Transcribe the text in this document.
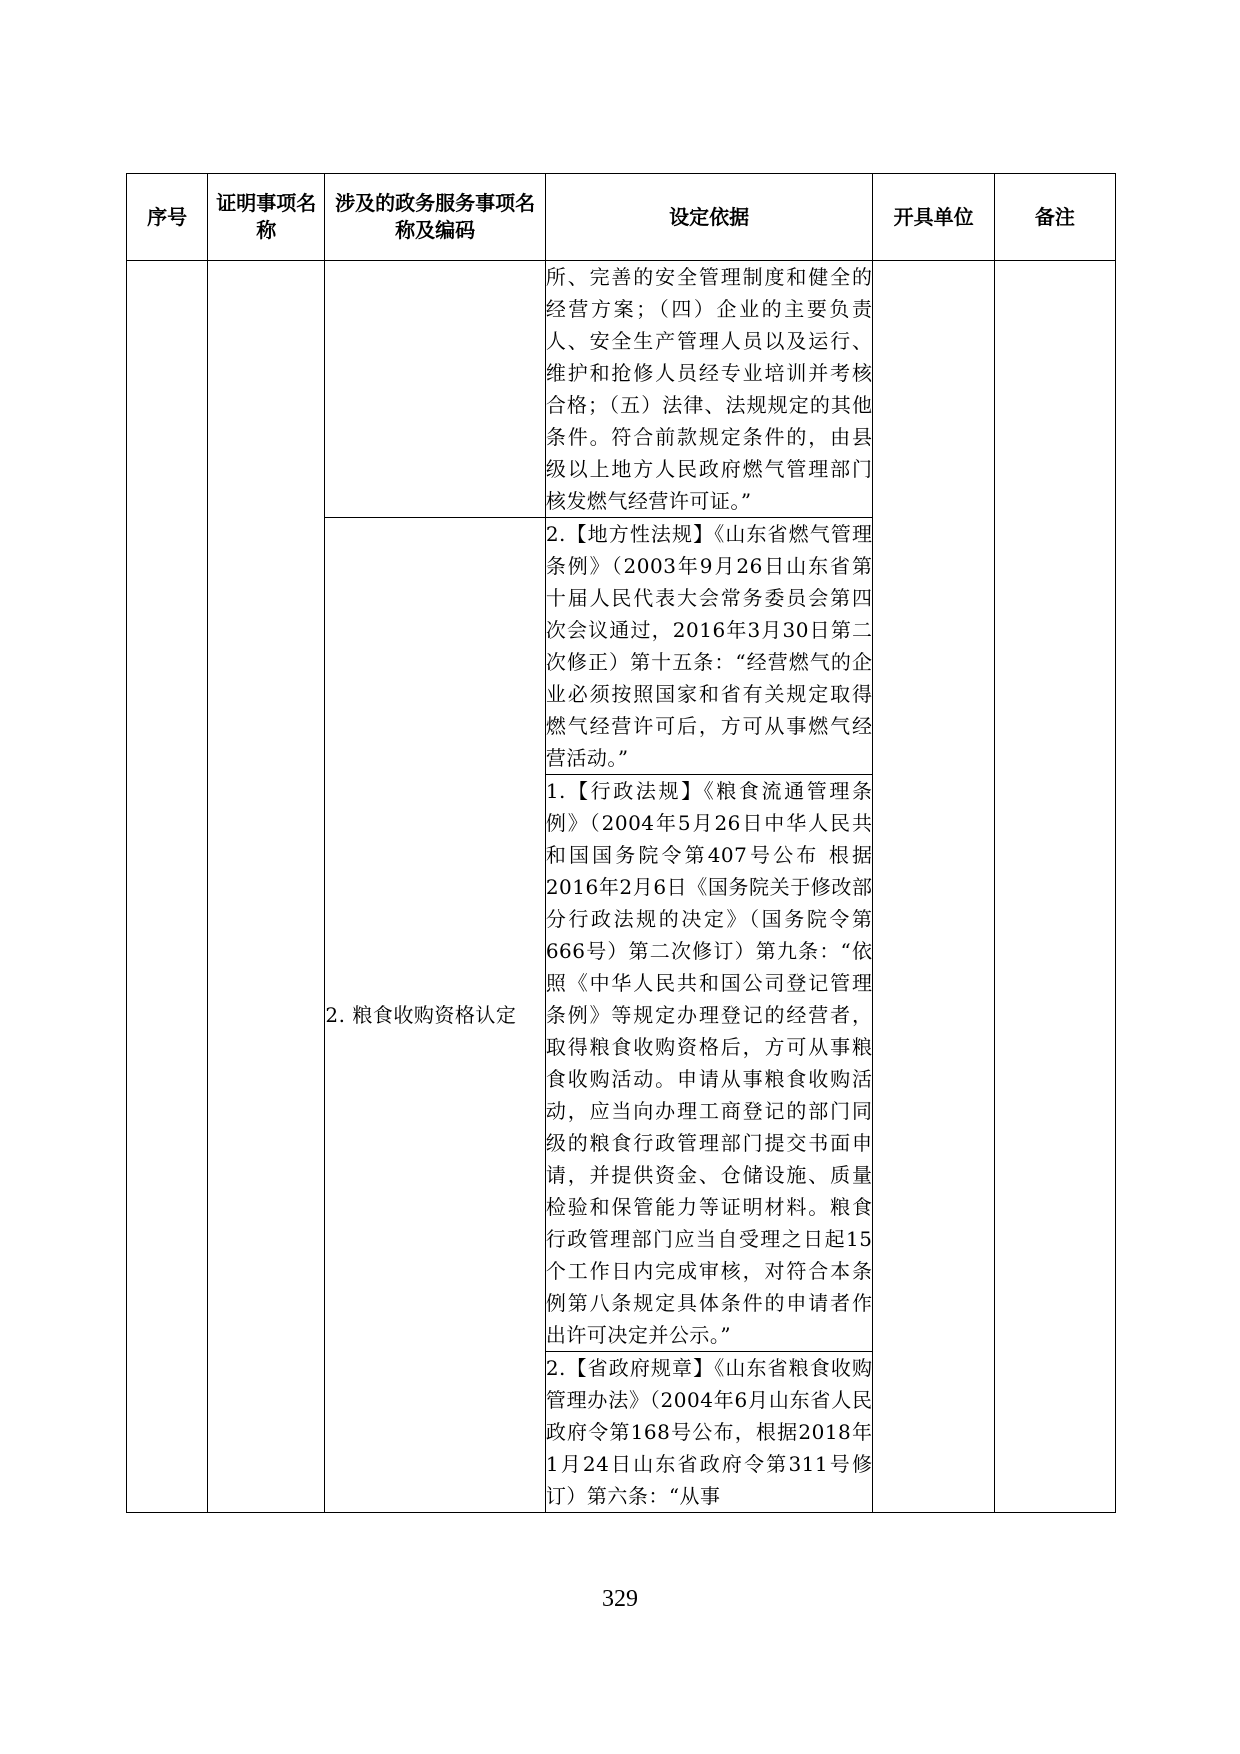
序号	证明事项名称	涉及的政务服务事项名称及编码	设定依据	开具单位	备注
			所、完善的安全管理制度和健全的经营方案；（四）企业的主要负责人、安全生产管理人员以及运行、维护和抢修人员经专业培训并考核合格；（五）法律、法规规定的其他条件。符合前款规定条件的，由县级以上地方人民政府燃气管理部门核发燃气经营许可证。”		
		2. 粮食收购资格认定	2.【地方性法规】《山东省燃气管理条例》（2003年9月26日山东省第十届人民代表大会常务委员会第四次会议通过，2016年3月30日第二次修正）第十五条：“经营燃气的企业必须按照国家和省有关规定取得燃气经营许可后，方可从事燃气经营活动。”		
			1.【行政法规】《粮食流通管理条例》（2004年5月26日中华人民共和国国务院令第407号公布 根据2016年2月6日《国务院关于修改部分行政法规的决定》（国务院令第666号）第二次修订）第九条：“依照《中华人民共和国公司登记管理条例》等规定办理登记的经营者，取得粮食收购资格后，方可从事粮食收购活动。申请从事粮食收购活动，应当向办理工商登记的部门同级的粮食行政管理部门提交书面申请，并提供资金、仓储设施、质量检验和保管能力等证明材料。粮食行政管理部门应当自受理之日起15个工作日内完成审核，对符合本条例第八条规定具体条件的申请者作出许可决定并公示。”		
			2.【省政府规章】《山东省粮食收购管理办法》（2004年6月山东省人民政府令第168号公布，根据2018年1月24日山东省政府令第311号修订）第六条：“从事		
329
